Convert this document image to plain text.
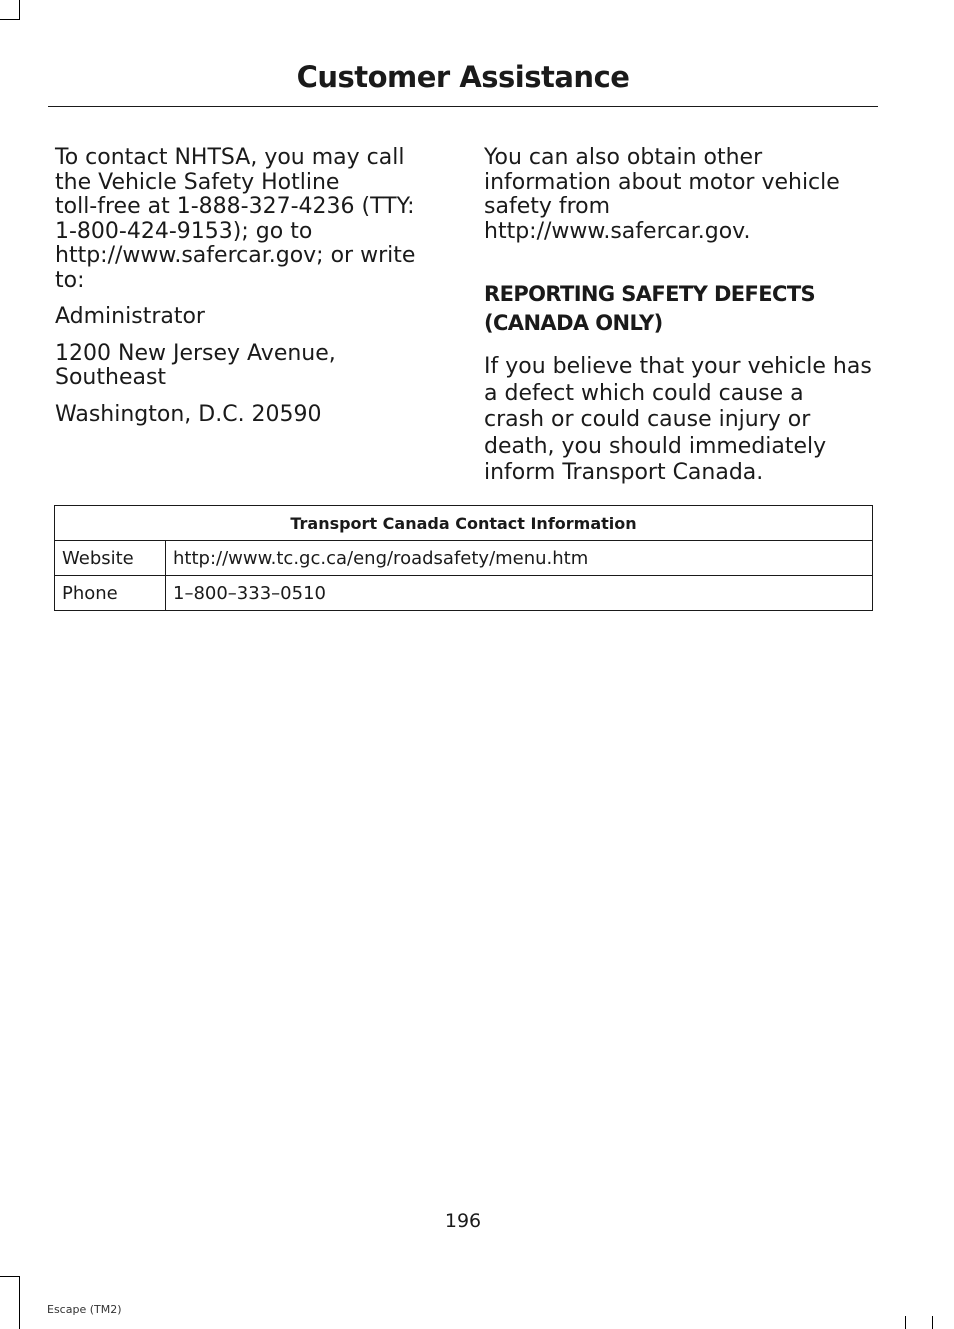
Customer Assistance

To contact NHTSA, you may call
the Vehicle Safety Hotline
toll-free at 1-888-327-4236 (TTY:
1-800-424-9153); go to
http://www.safercar.gov; or write
to:

Administrator

1200 New Jersey Avenue,
Southeast

Washington, D.C. 20590

You can also obtain other
information about motor vehicle
safety from
http://www.safercar.gov.

REPORTING SAFETY DEFECTS (CANADA ONLY)

If you believe that your vehicle has
a defect which could cause a
crash or could cause injury or
death, you should immediately
inform Transport Canada.

Transport Canada Contact Information	
Website	http://www.tc.gc.ca/eng/roadsafety/menu.htm
Phone	1–800–333–0510
196
Escape (TM2)
